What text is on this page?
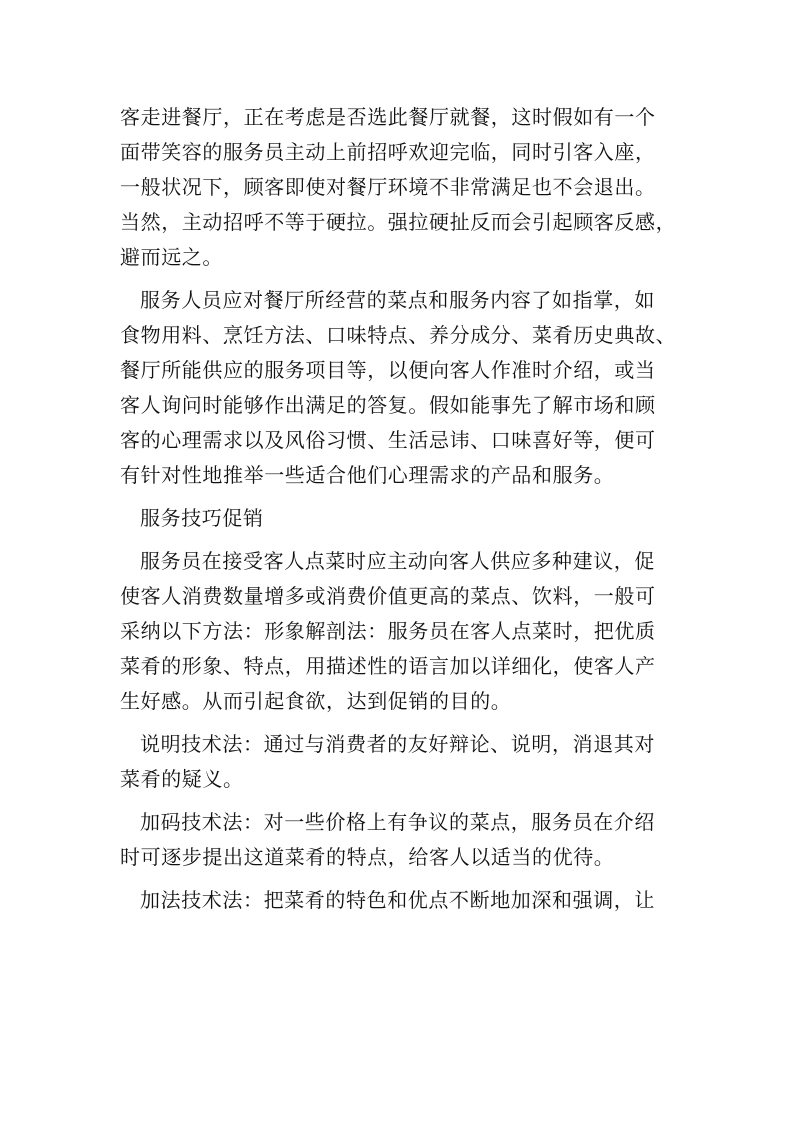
客走进餐厅，正在考虑是否选此餐厅就餐，这时假如有一个
面带笑容的服务员主动上前招呼欢迎完临，同时引客入座，
一般状况下，顾客即使对餐厅环境不非常满足也不会退出。
当然，主动招呼不等于硬拉。强拉硬扯反而会引起顾客反感，
避而远之。

服务人员应对餐厅所经营的菜点和服务内容了如指掌，如
食物用料、烹饪方法、口味特点、养分成分、菜肴历史典故、
餐厅所能供应的服务项目等，以便向客人作准时介绍，或当
客人询问时能够作出满足的答复。假如能事先了解市场和顾
客的心理需求以及风俗习惯、生活忌讳、口味喜好等，便可
有针对性地推举一些适合他们心理需求的产品和服务。

服务技巧促销

服务员在接受客人点菜时应主动向客人供应多种建议，促
使客人消费数量增多或消费价值更高的菜点、饮料，一般可
采纳以下方法：形象解剖法：服务员在客人点菜时，把优质
菜肴的形象、特点，用描述性的语言加以详细化，使客人产
生好感。从而引起食欲，达到促销的目的。

说明技术法：通过与消费者的友好辩论、说明，消退其对
菜肴的疑义。

加码技术法：对一些价格上有争议的菜点，服务员在介绍
时可逐步提出这道菜肴的特点，给客人以适当的优待。

加法技术法：把菜肴的特色和优点不断地加深和强调，让
